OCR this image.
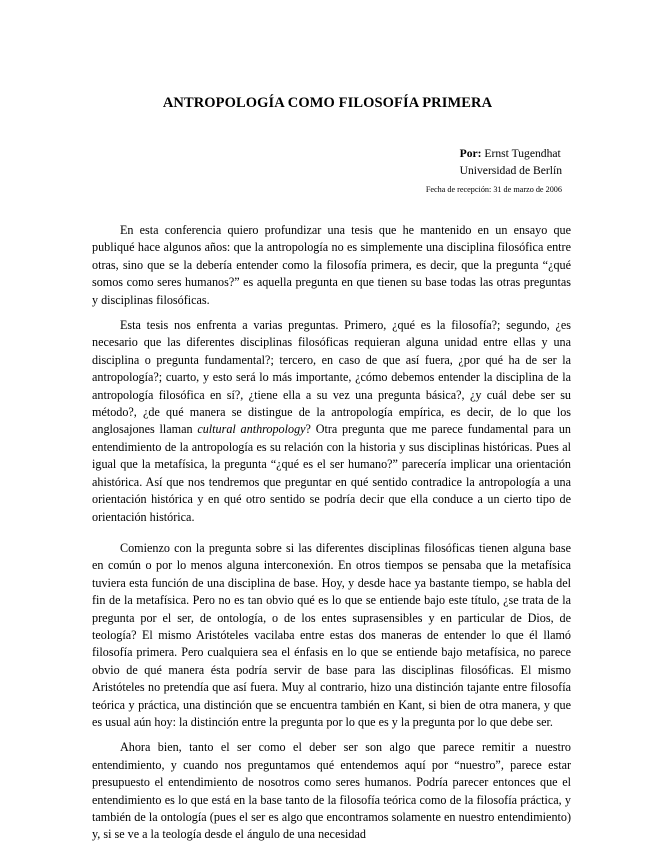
ANTROPOLOGÍA COMO FILOSOFÍA PRIMERA
Por: Ernst Tugendhat
Universidad de Berlín
Fecha de recepción: 31 de marzo de 2006

En esta conferencia quiero profundizar una tesis que he mantenido en un ensayo que publiqué hace algunos años: que la antropología no es simplemente una disciplina filosófica entre otras, sino que se la debería entender como la filosofía primera, es decir, que la pregunta “¿qué somos como seres humanos?” es aquella pregunta en que tienen su base todas las otras preguntas y disciplinas filosóficas.

Esta tesis nos enfrenta a varias preguntas. Primero, ¿qué es la filosofía?; segundo, ¿es necesario que las diferentes disciplinas filosóficas requieran alguna unidad entre ellas y una disciplina o pregunta fundamental?; tercero, en caso de que así fuera, ¿por qué ha de ser la antropología?; cuarto, y esto será lo más importante, ¿cómo debemos entender la disciplina de la antropología filosófica en sí?, ¿tiene ella a su vez una pregunta básica?, ¿y cuál debe ser su método?, ¿de qué manera se distingue de la antropología empírica, es decir, de lo que los anglosajones llaman cultural anthropology? Otra pregunta que me parece fundamental para un entendimiento de la antropología es su relación con la historia y sus disciplinas históricas. Pues al igual que la metafísica, la pregunta “¿qué es el ser humano?” parecería implicar una orientación ahistórica. Así que nos tendremos que preguntar en qué sentido contradice la antropología a una orientación histórica y en qué otro sentido se podría decir que ella conduce a un cierto tipo de orientación histórica.

Comienzo con la pregunta sobre si las diferentes disciplinas filosóficas tienen alguna base en común o por lo menos alguna interconexión. En otros tiempos se pensaba que la metafísica tuviera esta función de una disciplina de base. Hoy, y desde hace ya bastante tiempo, se habla del fin de la metafísica. Pero no es tan obvio qué es lo que se entiende bajo este título, ¿se trata de la pregunta por el ser, de ontología, o de los entes suprasensibles y en particular de Dios, de teología? El mismo Aristóteles vacilaba entre estas dos maneras de entender lo que él llamó filosofía primera. Pero cualquiera sea el énfasis en lo que se entiende bajo metafísica, no parece obvio de qué manera ésta podría servir de base para las disciplinas filosóficas. El mismo Aristóteles no pretendía que así fuera. Muy al contrario, hizo una distinción tajante entre filosofía teórica y práctica, una distinción que se encuentra también en Kant, si bien de otra manera, y que es usual aún hoy: la distinción entre la pregunta por lo que es y la pregunta por lo que debe ser.

Ahora bien, tanto el ser como el deber ser son algo que parece remitir a nuestro entendimiento, y cuando nos preguntamos qué entendemos aquí por “nuestro”, parece estar presupuesto el entendimiento de nosotros como seres humanos. Podría parecer entonces que el entendimiento es lo que está en la base tanto de la filosofía teórica como de la filosofía práctica, y también de la ontología (pues el ser es algo que encontramos solamente en nuestro entendimiento) y, si se ve a la teología desde el ángulo de una necesidad
